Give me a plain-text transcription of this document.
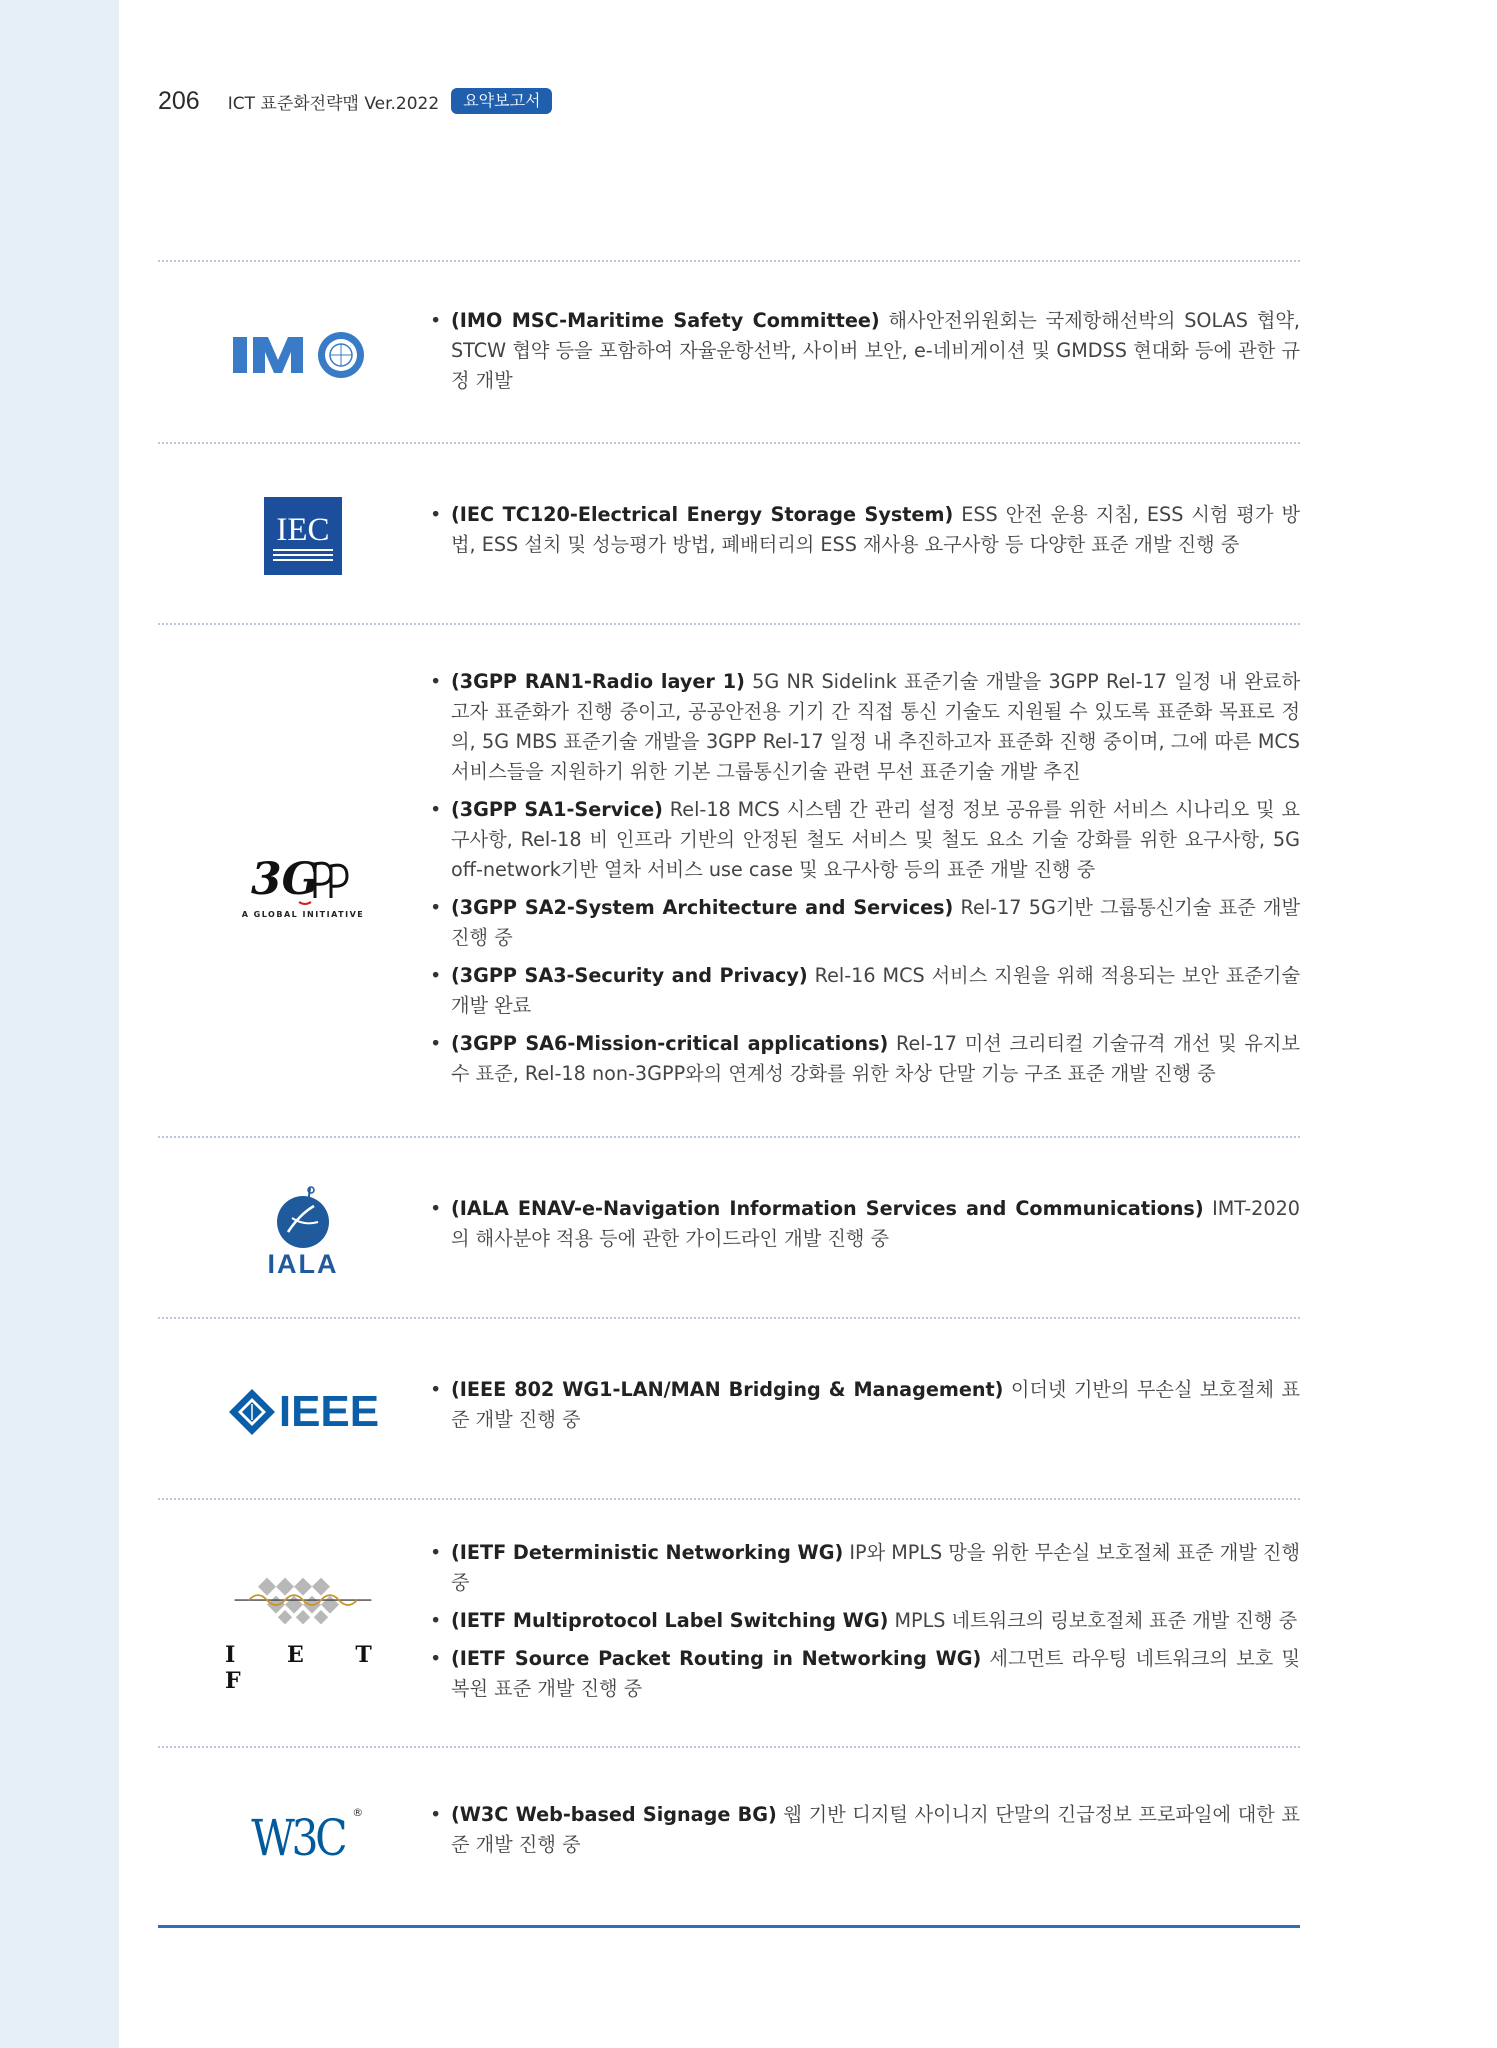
206 ICT 표준화전략맵 Ver.2022	요약보고서
• (IMO MSC-Maritime Safety Committee) 해사안전위원회는 국제항해선박의 SOLAS 협약, STCW 협약 등을 포함하여 자율운항선박, 사이버 보안, e-네비게이션 및 GMDSS 현대화 등에 관한 규정 개발
IEC	• (IEC TC120-Electrical Energy Storage System) ESS 안전 운용 지침, ESS 시험 평가 방법, ESS 설치 및 성능평가 방법, 폐배터리의 ESS 재사용 요구사항 등 다양한 표준 개발 진행 중
3G
A GLOBAL INITIATIVE
• (3GPP RAN1-Radio layer 1) 5G NR Sidelink 표준기술 개발을 3GPP Rel-17 일정 내 완료하고자 표준화가 진행 중이고, 공공안전용 기기 간 직접 통신 기술도 지원될 수 있도록 표준화 목표로 정의, 5G MBS 표준기술 개발을 3GPP Rel-17 일정 내 추진하고자 표준화 진행 중이며, 그에 따른 MCS 서비스들을 지원하기 위한 기본 그룹통신기술 관련 무선 표준기술 개발 추진
• (3GPP SA1-Service) Rel-18 MCS 시스템 간 관리 설정 정보 공유를 위한 서비스 시나리오 및 요구사항, Rel-18 비 인프라 기반의 안정된 철도 서비스 및 철도 요소 기술 강화를 위한 요구사항, 5G off-network기반 열차 서비스 use case 및 요구사항 등의 표준 개발 진행 중
• (3GPP SA2-System Architecture and Services) Rel-17 5G기반 그룹통신기술 표준 개발 진행 중
• (3GPP SA3-Security and Privacy) Rel-16 MCS 서비스 지원을 위해 적용되는 보안 표준기술 개발 완료
• (3GPP SA6-Mission-critical applications) Rel-17 미션 크리티컬 기술규격 개선 및 유지보수 표준, Rel-18 non-3GPP와의 연계성 강화를 위한 차상 단말 기능 구조 표준 개발 진행 중
IALA
• (IALA ENAV-e-Navigation Information Services and Communications) IMT-2020의 해사분야 적용 등에 관한 가이드라인 개발 진행 중
IEEE	• (IEEE 802 WG1-LAN/MAN Bridging & Management) 이더넷 기반의 무손실 보호절체 표준 개발 진행 중
I E T F
• (IETF Deterministic Networking WG) IP와 MPLS 망을 위한 무손실 보호절체 표준 개발 진행 중
• (IETF Multiprotocol Label Switching WG) MPLS 네트워크의 링보호절체 표준 개발 진행 중
• (IETF Source Packet Routing in Networking WG) 세그먼트 라우팅 네트워크의 보호 및 복원 표준 개발 진행 중
W3C ®	• (W3C Web-based Signage BG) 웹 기반 디지털 사이니지 단말의 긴급정보 프로파일에 대한 표준 개발 진행 중
